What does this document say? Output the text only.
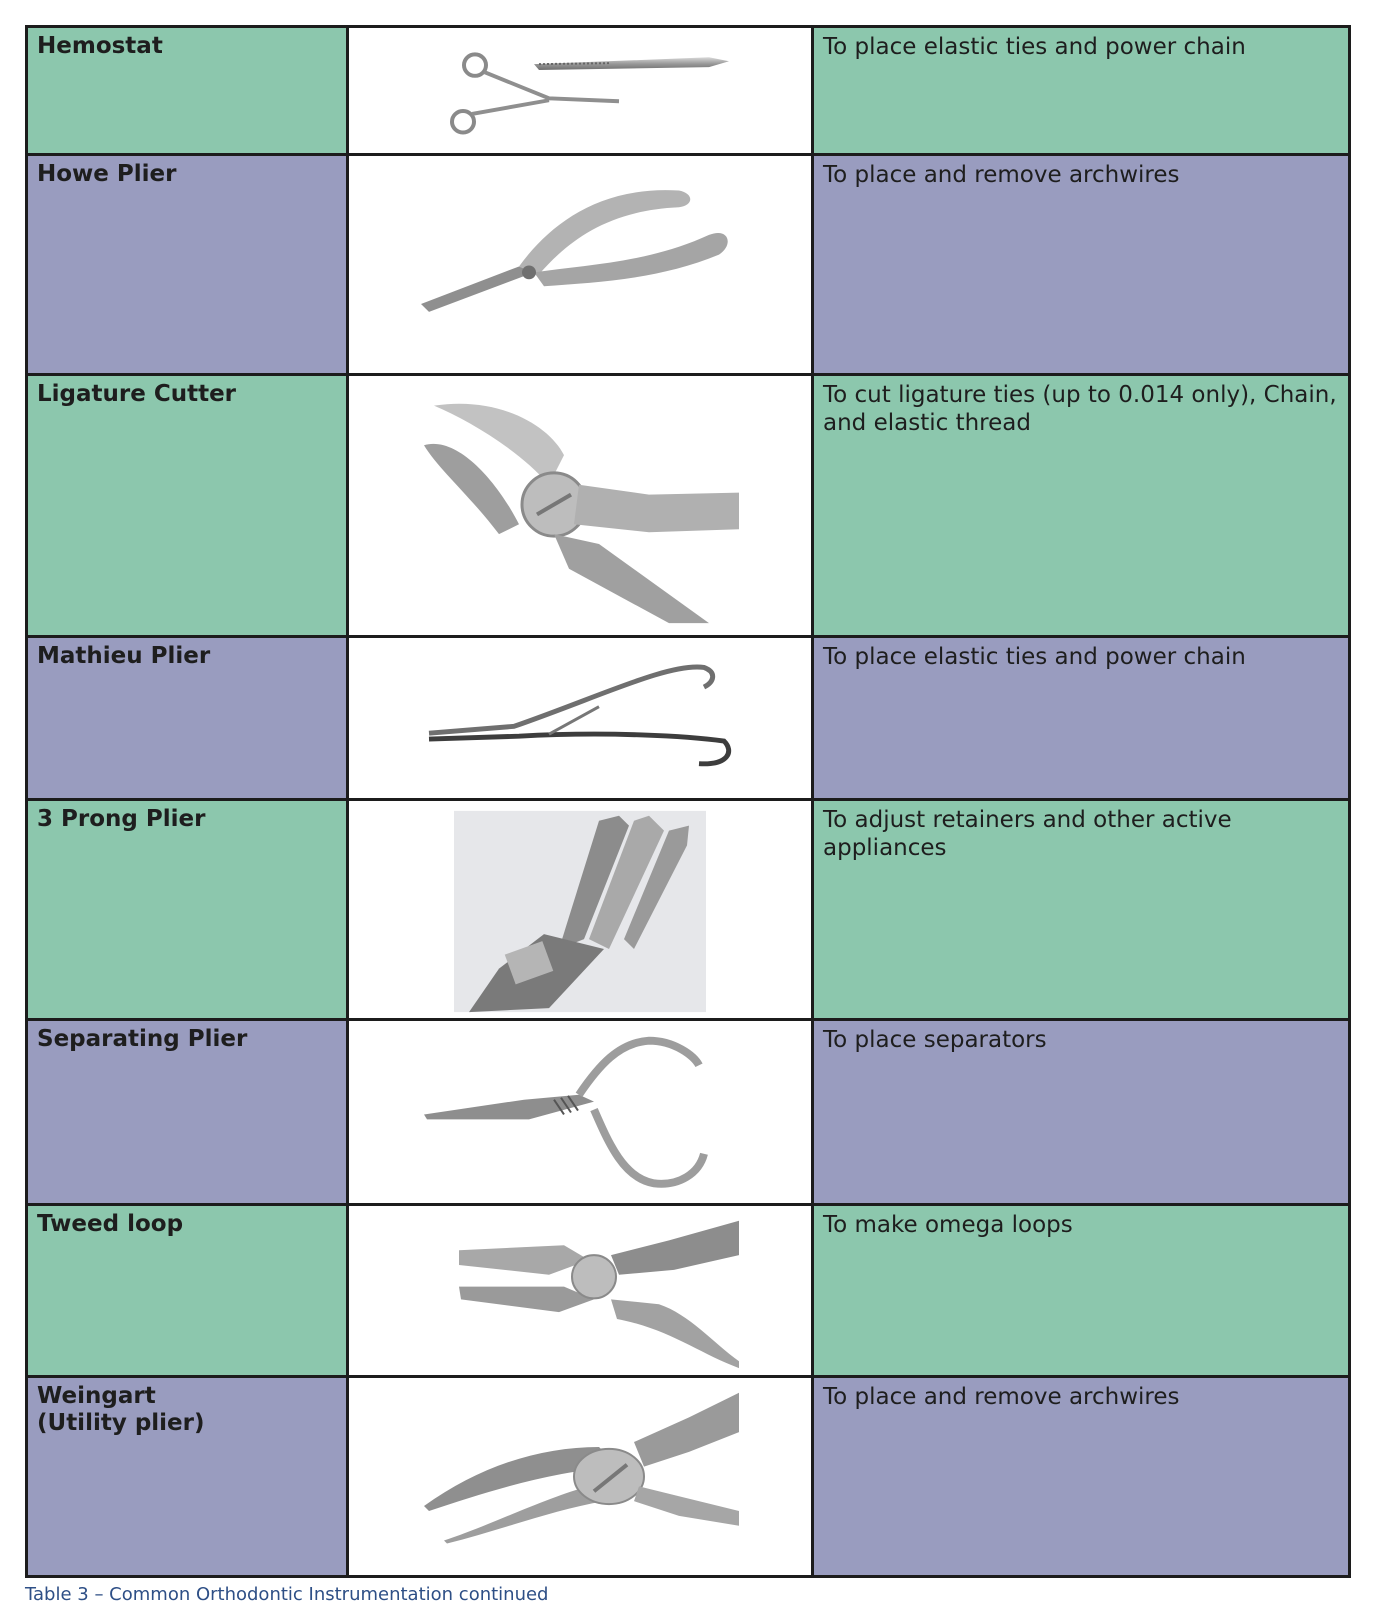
Hemostat		To place elastic ties and power chain

Howe Plier		To place and remove archwires

Ligature Cutter		To cut ligature ties (up to 0.014 only), Chain, and elastic thread

Mathieu Plier		To place elastic ties and power chain

3 Prong Plier		To adjust retainers and other active appliances

Separating Plier		To place separators

Tweed loop		To make omega loops

Weingart
(Utility plier)		To place and remove archwires
Table 3 – Common Orthodontic Instrumentation continued
